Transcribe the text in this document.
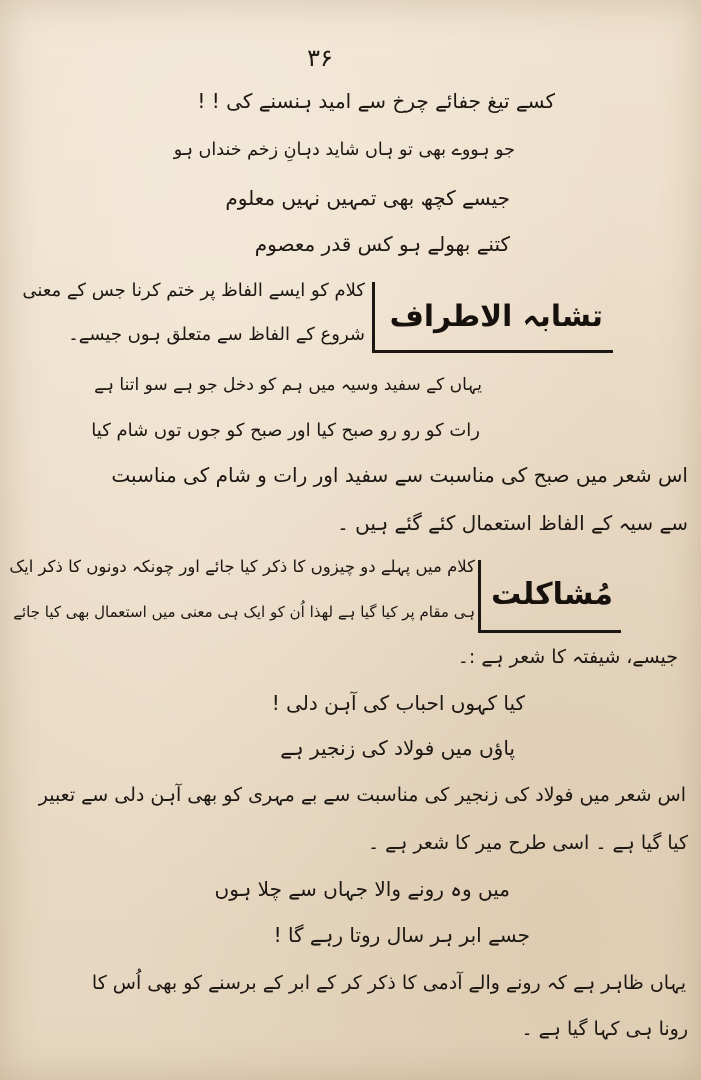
۳۶
کسے تیغ جفائے چرخ سے امید ہنسنے کی ! !
جو ہووے بھی تو ہاں شاید دہانِ زخم خنداں ہو
جیسے کچھ بھی تمہیں نہیں معلوم
کتنے بھولے ہو کس قدر معصوم
تشابہ الاطراف
کلام کو ایسے الفاظ پر ختم کرنا جس کے معنی
شروع کے الفاظ سے متعلق ہوں جیسے۔
یہاں کے سفید وسیہ میں ہم کو دخل جو ہے سو اتنا ہے
رات کو رو رو صبح کیا اور صبح کو جوں توں شام کیا
اس شعر میں صبح کی مناسبت سے سفید اور رات و شام کی مناسبت
سے سیہ کے الفاظ استعمال کئے گئے ہیں ۔
مُشاکلت
کلام میں پہلے دو چیزوں کا ذکر کیا جائے اور چونکہ دونوں کا ذکر ایک
ہی مقام پر کیا گیا ہے لھذا اُن کو ایک ہی معنی میں استعمال بھی کیا جائے
جیسے، شیفتہ کا شعر ہے :۔
کیا کہوں احباب کی آہن دلی !
پاؤں میں فولاد کی زنجیر ہے
اس شعر میں فولاد کی زنجیر کی مناسبت سے بے مہری کو بھی آہن دلی سے تعبیر
کیا گیا ہے ۔ اسی طرح میر کا شعر ہے ۔
میں وہ رونے والا جہاں سے چلا ہوں
جسے ابر ہر سال روتا رہے گا !
یہاں ظاہر ہے کہ رونے والے آدمی کا ذکر کر کے ابر کے برسنے کو بھی اُس کا
رونا ہی کہا گیا ہے ۔
